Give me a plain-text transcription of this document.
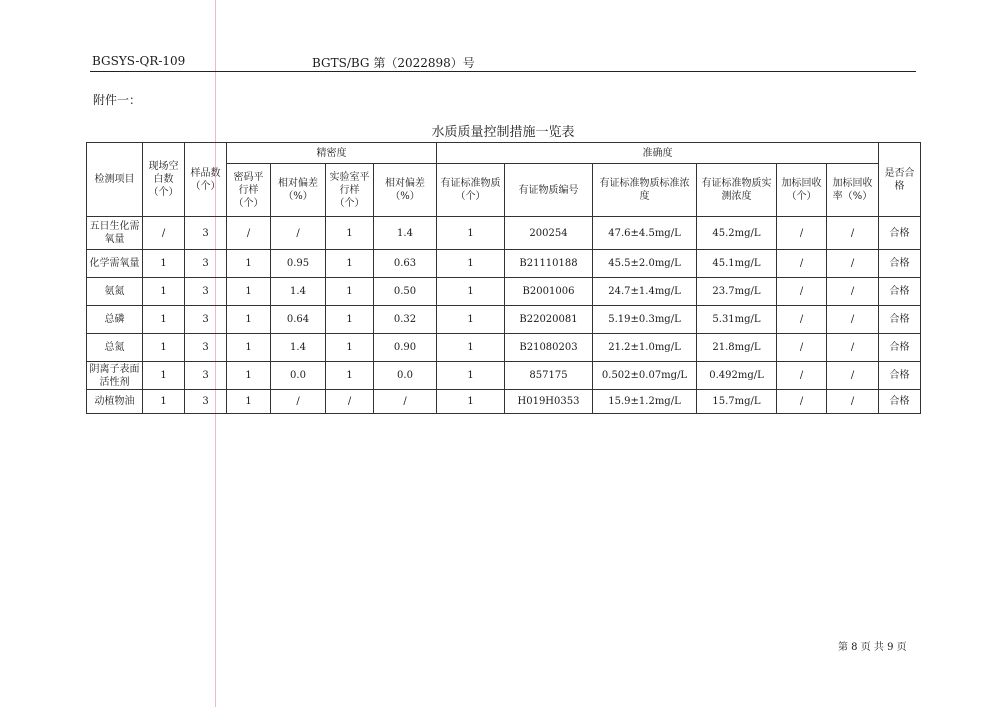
BGSYS-QR-109	BGTS/BG 第（2022898）号
附件一：
水质质量控制措施一览表
检测项目	现场空白数（个）	样品数（个）	精密度				准确度						是否合格
			密码平行样（个）	相对偏差（%）	实验室平行样（个）	相对偏差（%）	有证标准物质（个）	有证物质编号	有证标准物质标准浓度	有证标准物质实测浓度	加标回收（个）	加标回收率（%）	
五日生化需氧量	/	3	/	/	1	1.4	1	200254	47.6±4.5mg/L	45.2mg/L	/	/	合格
化学需氧量	1	3	1	0.95	1	0.63	1	B21110188	45.5±2.0mg/L	45.1mg/L	/	/	合格
氨氮	1	3	1	1.4	1	0.50	1	B2001006	24.7±1.4mg/L	23.7mg/L	/	/	合格
总磷	1	3	1	0.64	1	0.32	1	B22020081	5.19±0.3mg/L	5.31mg/L	/	/	合格
总氮	1	3	1	1.4	1	0.90	1	B21080203	21.2±1.0mg/L	21.8mg/L	/	/	合格
阴离子表面活性剂	1	3	1	0.0	1	0.0	1	857175	0.502±0.07mg/L	0.492mg/L	/	/	合格
动植物油	1	3	1	/	/	/	1	H019H0353	15.9±1.2mg/L	15.7mg/L	/	/	合格
第 8 页 共 9 页
